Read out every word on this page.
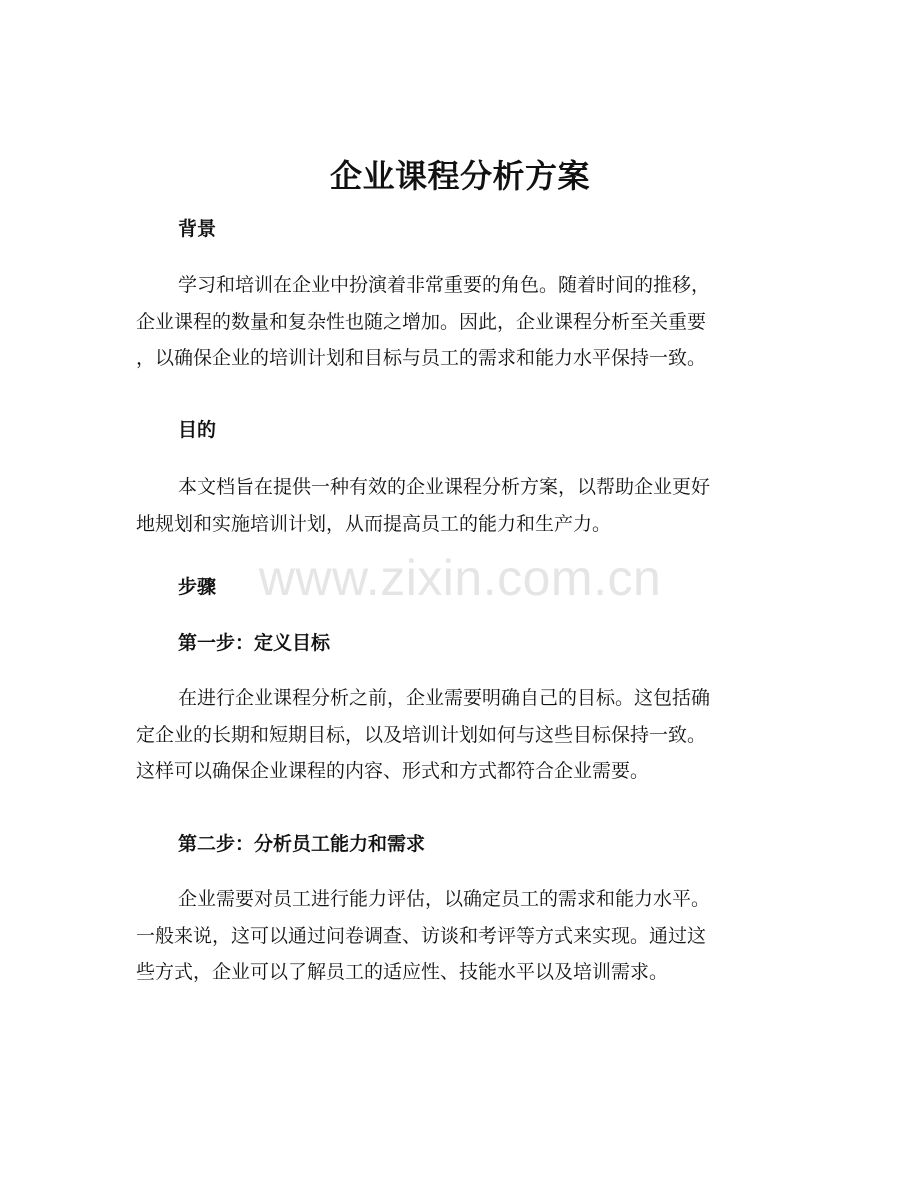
企业课程分析方案
背景
学习和培训在企业中扮演着非常重要的角色。随着时间的推移，
企业课程的数量和复杂性也随之增加。因此，企业课程分析至关重要
，以确保企业的培训计划和目标与员工的需求和能力水平保持一致。
目的
本文档旨在提供一种有效的企业课程分析方案，以帮助企业更好
地规划和实施培训计划，从而提高员工的能力和生产力。
步骤
第一步：定义目标
在进行企业课程分析之前，企业需要明确自己的目标。这包括确
定企业的长期和短期目标，以及培训计划如何与这些目标保持一致。
这样可以确保企业课程的内容、形式和方式都符合企业需要。
第二步：分析员工能力和需求
企业需要对员工进行能力评估，以确定员工的需求和能力水平。
一般来说，这可以通过问卷调查、访谈和考评等方式来实现。通过这
些方式，企业可以了解员工的适应性、技能水平以及培训需求。
www.zixin.com.cn
